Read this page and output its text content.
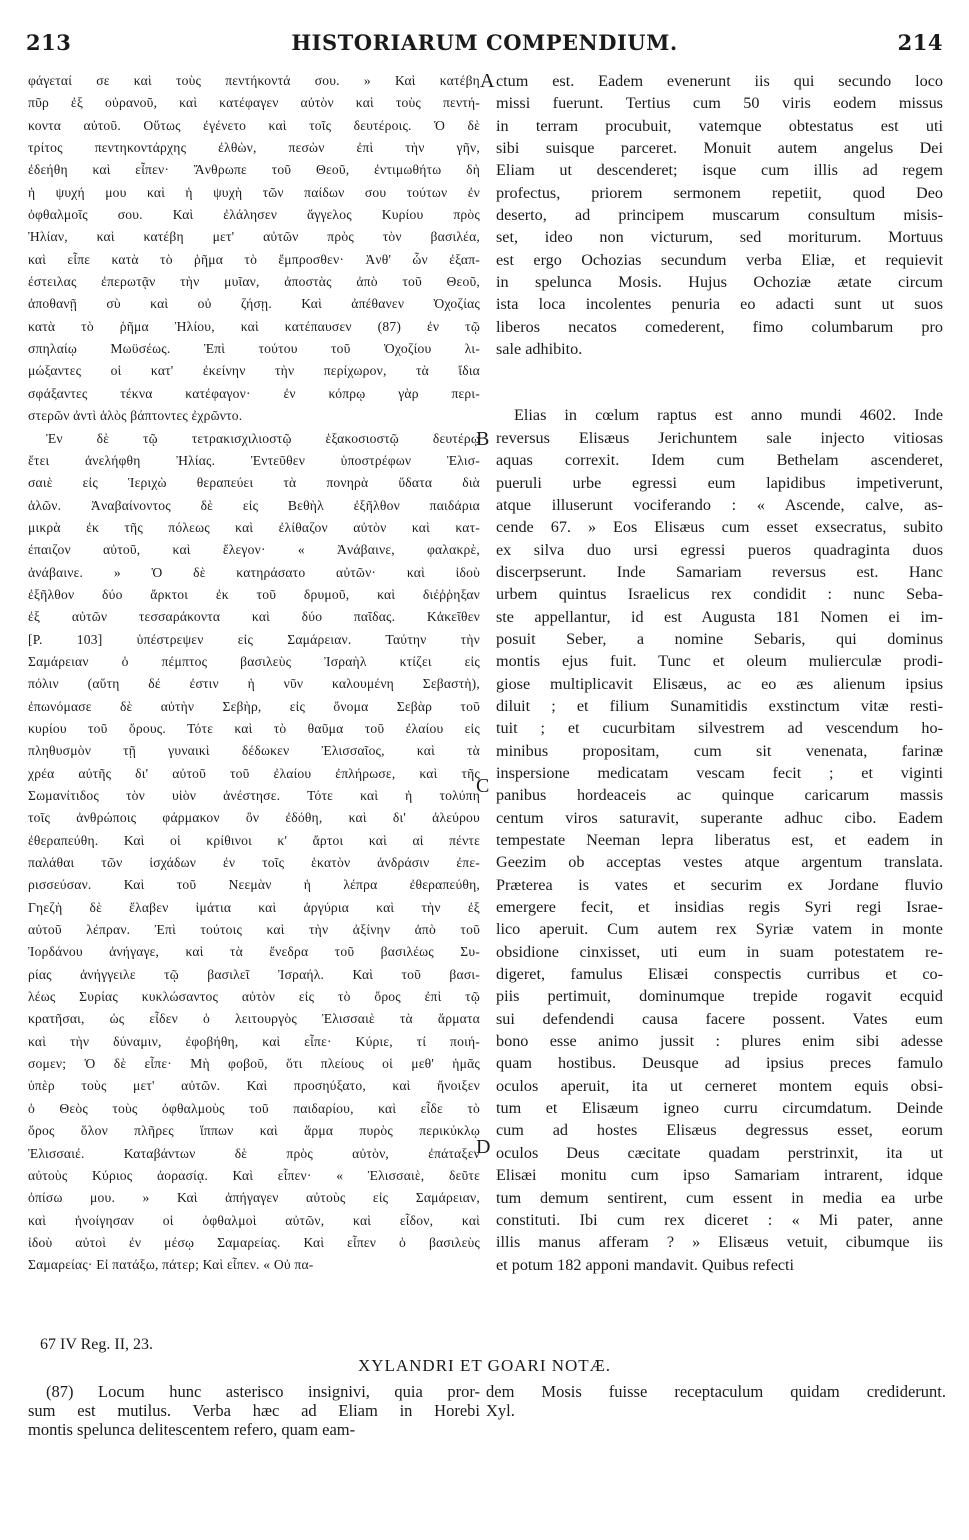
213	HISTORIARUM COMPENDIUM.	214
A
B
C
D
φάγεταί σε καὶ τοὺς πεντήκοντά σου. » Καὶ κατέβη
πῦρ ἐξ οὐρανοῦ, καὶ κατέφαγεν αὐτὸν καὶ τοὺς πεντή-
κοντα αὐτοῦ. Οὕτως ἐγένετο καὶ τοῖς δευτέροις. Ὁ δὲ
τρίτος πεντηκοντάρχης ἐλθὼν, πεσὼν ἐπὶ τὴν γῆν,
ἐδεήθη καὶ εἶπεν· Ἄνθρωπε τοῦ Θεοῦ, ἐντιμωθήτω δὴ
ἡ ψυχή μου καὶ ἡ ψυχὴ τῶν παίδων σου τούτων ἐν
ὀφθαλμοῖς σου. Καὶ ἐλάλησεν ἄγγελος Κυρίου πρὸς
Ἠλίαν, καὶ κατέβη μετ' αὐτῶν πρὸς τὸν βασιλέα,
καὶ εἶπε κατὰ τὸ ῥῆμα τὸ ἔμπροσθεν· Ἀνθ' ὧν ἐξαπ-
έστειλας ἐπερωτᾷν τὴν μυῖαν, ἀποστὰς ἀπὸ τοῦ Θεοῦ,
ἀποθανῇ σὺ καὶ οὐ ζήσῃ. Καὶ ἀπέθανεν Ὀχοζίας
κατὰ τὸ ῥῆμα Ἠλίου, καὶ κατέπαυσεν (87) ἐν τῷ
σπηλαίῳ Μωϋσέως. Ἐπὶ τούτου τοῦ Ὀχοζίου λι-
μώξαντες οἱ κατ' ἐκείνην τὴν περίχωρον, τὰ ἴδια
σφάξαντες τέκνα κατέφαγον· ἐν κόπρῳ γὰρ περι-
στερῶν ἀντὶ ἁλὸς βάπτοντες ἐχρῶντο.
Ἐν δὲ τῷ τετρακισχιλιοστῷ ἑξακοσιοστῷ δευτέρῳ
ἔτει ἀνελήφθη Ἠλίας. Ἐντεῦθεν ὑποστρέφων Ἐλισ-
σαιὲ εἰς Ἱεριχὼ θεραπεύει τὰ πονηρὰ ὕδατα διὰ
ἁλῶν. Ἀναβαίνοντος δὲ εἰς Βεθὴλ ἐξῆλθον παιδάρια
μικρὰ ἐκ τῆς πόλεως καὶ ἐλίθαζον αὐτὸν καὶ κατ-
έπαιζον αὐτοῦ, καὶ ἔλεγον· « Ἀνάβαινε, φαλακρὲ,
ἀνάβαινε. » Ὁ δὲ κατηράσατο αὐτῶν· καὶ ἰδοὺ
ἐξῆλθον δύο ἄρκτοι ἐκ τοῦ δρυμοῦ, καὶ διέῤῥηξαν
ἐξ αὐτῶν τεσσαράκοντα καὶ δύο παῖδας. Κἀκεῖθεν
[P. 103] ὑπέστρεψεν εἰς Σαμάρειαν. Ταύτην τὴν
Σαμάρειαν ὁ πέμπτος βασιλεὺς Ἰσραὴλ κτίζει εἰς
πόλιν (αὕτη δέ ἐστιν ἡ νῦν καλουμένη Σεβαστὴ),
ἐπωνόμασε δὲ αὐτὴν Σεβὴρ, εἰς ὄνομα Σεβὰρ τοῦ
κυρίου τοῦ ὄρους. Τότε καὶ τὸ θαῦμα τοῦ ἐλαίου εἰς
πληθυσμὸν τῇ γυναικὶ δέδωκεν Ἐλισσαῖος, καὶ τὰ
χρέα αὐτῆς δι' αὐτοῦ τοῦ ἐλαίου ἐπλήρωσε, καὶ τῆς
Σωμανίτιδος τὸν υἱὸν ἀνέστησε. Τότε καὶ ἡ τολύπη
τοῖς ἀνθρώποις φάρμακον ὂν ἐδόθη, καὶ δι' ἀλεύρου
ἐθεραπεύθη. Καὶ οἱ κρίθινοι κ' ἄρτοι καὶ αἱ πέντε
παλάθαι τῶν ἰσχάδων ἐν τοῖς ἑκατὸν ἀνδράσιν ἐπε-
ρισσεύσαν. Καὶ τοῦ Νεεμὰν ἡ λέπρα ἐθεραπεύθη,
Γηεζὴ δὲ ἔλαβεν ἱμάτια καὶ ἀργύρια καὶ τὴν ἐξ
αὐτοῦ λέπραν. Ἐπὶ τούτοις καὶ τὴν ἀξίνην ἀπὸ τοῦ
Ἰορδάνου ἀνήγαγε, καὶ τὰ ἔνεδρα τοῦ βασιλέως Συ-
ρίας ἀνήγγειλε τῷ βασιλεῖ Ἰσραήλ. Καὶ τοῦ βασι-
λέως Συρίας κυκλώσαντος αὐτὸν εἰς τὸ ὄρος ἐπὶ τῷ
κρατῆσαι, ὡς εἶδεν ὁ λειτουργὸς Ἐλισσαιὲ τὰ ἅρματα
καὶ τὴν δύναμιν, ἐφοβήθη, καὶ εἶπε· Κύριε, τί ποιή-
σομεν; Ὁ δὲ εἶπε· Μὴ φοβοῦ, ὅτι πλείους οἱ μεθ' ἡμᾶς
ὑπὲρ τοὺς μετ' αὐτῶν. Καὶ προσηύξατο, καὶ ἤνοιξεν
ὁ Θεὸς τοὺς ὀφθαλμοὺς τοῦ παιδαρίου, καὶ εἶδε τὸ
ὄρος ὅλον πλῆρες ἵππων καὶ ἅρμα πυρὸς περικύκλῳ
Ἐλισσαιέ. Καταβάντων δὲ πρὸς αὐτὸν, ἐπάταξεν
αὐτοὺς Κύριος ἀορασίᾳ. Καὶ εἶπεν· « Ἐλισσαιὲ, δεῦτε
ὀπίσω μου. » Καὶ ἀπήγαγεν αὐτοὺς εἰς Σαμάρειαν,
καὶ ἠνοίγησαν οἱ ὀφθαλμοὶ αὐτῶν, καὶ εἶδον, καὶ
ἰδοὺ αὐτοὶ ἐν μέσῳ Σαμαρείας. Καὶ εἶπεν ὁ βασιλεὺς
Σαμαρείας· Εἰ πατάξω, πάτερ; Καὶ εἶπεν. « Οὐ πα-
ctum est. Eadem evenerunt iis qui secundo loco
missi fuerunt. Tertius cum 50 viris eodem missus
in terram procubuit, vatemque obtestatus est uti
sibi suisque parceret. Monuit autem angelus Dei
Eliam ut descenderet; isque cum illis ad regem
profectus, priorem sermonem repetiit, quod Deo
deserto, ad principem muscarum consultum misis-
set, ideo non victurum, sed moriturum. Mortuus
est ergo Ochozias secundum verba Eliæ, et requievit
in spelunca Mosis. Hujus Ochoziæ ætate circum
ista loca incolentes penuria eo adacti sunt ut suos
liberos necatos comederent, fimo columbarum pro
sale adhibito.
Elias in cœlum raptus est anno mundi 4602. Inde
reversus Elisæus Jerichuntem sale injecto vitiosas
aquas correxit. Idem cum Bethelam ascenderet,
pueruli urbe egressi eum lapidibus impetiverunt,
atque illuserunt vociferando : « Ascende, calve, as-
cende 67. » Eos Elisæus cum esset exsecratus, subito
ex silva duo ursi egressi pueros quadraginta duos
discerpserunt. Inde Samariam reversus est. Hanc
urbem quintus Israelicus rex condidit : nunc Seba-
ste appellantur, id est Augusta 181 Nomen ei im-
posuit Seber, a nomine Sebaris, qui dominus
montis ejus fuit. Tunc et oleum mulierculæ prodi-
giose multiplicavit Elisæus, ac eo æs alienum ipsius
diluit ; et filium Sunamitidis exstinctum vitæ resti-
tuit ; et cucurbitam silvestrem ad vescendum ho-
minibus propositam, cum sit venenata, farinæ
inspersione medicatam vescam fecit ; et viginti
panibus hordeaceis ac quinque caricarum massis
centum viros saturavit, superante adhuc cibo. Eadem
tempestate Neeman lepra liberatus est, et eadem in
Geezim ob acceptas vestes atque argentum translata.
Præterea is vates et securim ex Jordane fluvio
emergere fecit, et insidias regis Syri regi Israe-
lico aperuit. Cum autem rex Syriæ vatem in monte
obsidione cinxisset, uti eum in suam potestatem re-
digeret, famulus Elisæi conspectis curribus et co-
piis pertimuit, dominumque trepide rogavit ecquid
sui defendendi causa facere possent. Vates eum
bono esse animo jussit : plures enim sibi adesse
quam hostibus. Deusque ad ipsius preces famulo
oculos aperuit, ita ut cerneret montem equis obsi-
tum et Elisæum igneo curru circumdatum. Deinde
cum ad hostes Elisæus degressus esset, eorum
oculos Deus cæcitate quadam perstrinxit, ita ut
Elisæi monitu cum ipso Samariam intrarent, idque
tum demum sentirent, cum essent in media ea urbe
constituti. Ibi cum rex diceret : « Mi pater, anne
illis manus afferam ? » Elisæus vetuit, cibumque iis
et potum 182 apponi mandavit. Quibus refecti
67 IV Reg. II, 23.
XYLANDRI ET GOARI NOTÆ.
(87) Locum hunc asterisco insignivi, quia pror-
sum est mutilus. Verba hæc ad Eliam in Horebi
montis spelunca delitescentem refero, quam eam-
dem Mosis fuisse receptaculum quidam crediderunt.
Xyl.
